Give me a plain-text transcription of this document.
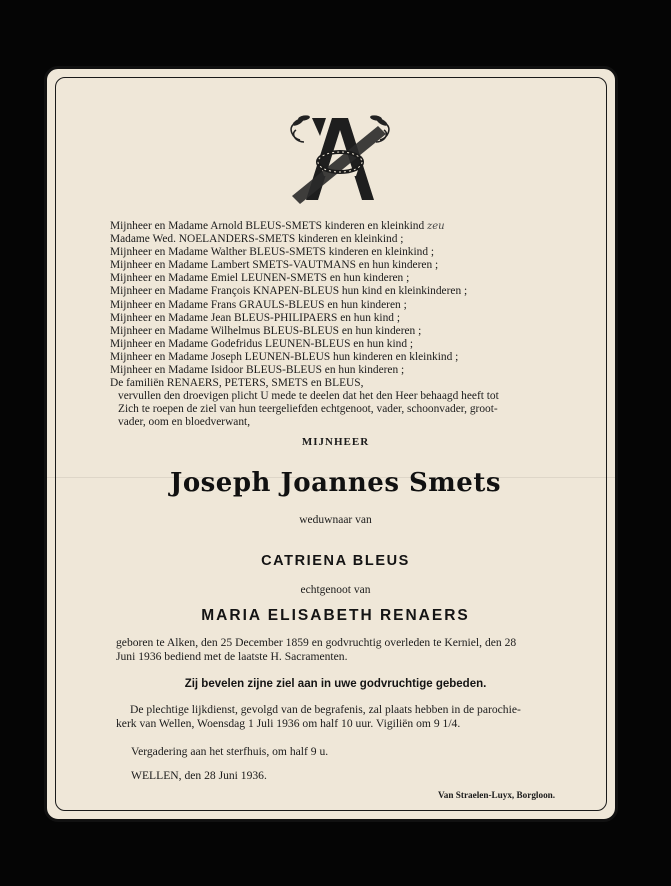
Mijnheer en Madame Arnold BLEUS-SMETS kinderen en kleinkind zeu
Madame Wed. NOELANDERS-SMETS kinderen en kleinkind ;
Mijnheer en Madame Walther BLEUS-SMETS kinderen en kleinkind ;
Mijnheer en Madame Lambert SMETS-VAUTMANS en hun kinderen ;
Mijnheer en Madame Emiel LEUNEN-SMETS en hun kinderen ;
Mijnheer en Madame François KNAPEN-BLEUS hun kind en kleinkinderen ;
Mijnheer en Madame Frans GRAULS-BLEUS en hun kinderen ;
Mijnheer en Madame Jean BLEUS-PHILIPAERS en hun kind ;
Mijnheer en Madame Wilhelmus BLEUS-BLEUS en hun kinderen ;
Mijnheer en Madame Godefridus LEUNEN-BLEUS en hun kind ;
Mijnheer en Madame Joseph LEUNEN-BLEUS hun kinderen en kleinkind ;
Mijnheer en Madame Isidoor BLEUS-BLEUS en hun kinderen ;
De familiën RENAERS, PETERS, SMETS en BLEUS,
vervullen den droevigen plicht U mede te deelen dat het den Heer behaagd heeft tot
Zich te roepen de ziel van hun teergeliefden echtgenoot, vader, schoonvader, groot-
vader, oom en bloedverwant,
MIJNHEER
Joseph Joannes Smets
weduwnaar van
CATRIENA BLEUS
echtgenoot van
MARIA ELISABETH RENAERS
geboren te Alken, den 25 December 1859 en godvruchtig overleden te Kerniel, den 28
Juni 1936 bediend met de laatste H. Sacramenten.
Zij bevelen zijne ziel aan in uwe godvruchtige gebeden.
De plechtige lijkdienst, gevolgd van de begrafenis, zal plaats hebben in de parochie-
kerk van Wellen, Woensdag 1 Juli 1936 om half 10 uur. Vigiliën om 9 1/4.
Vergadering aan het sterfhuis, om half 9 u.
WELLEN, den 28 Juni 1936.
Van Straelen-Luyx, Borgloon.
